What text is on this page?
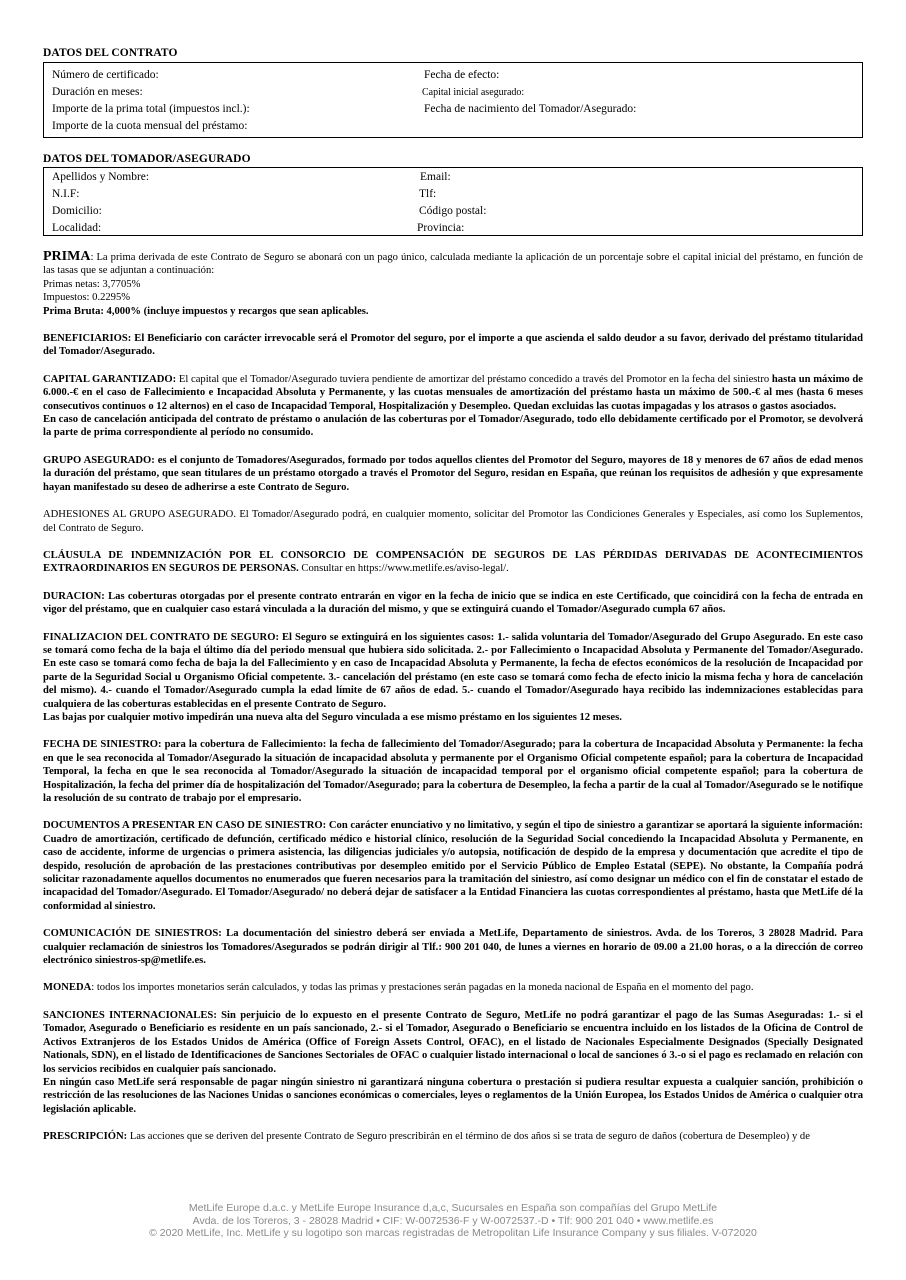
DATOS DEL CONTRATO

Número de certificado:	Fecha de efecto:
Duración en meses:	Capital inicial asegurado:
Importe de la prima total (impuestos incl.):	Fecha de nacimiento del Tomador/Asegurado:
Importe de la cuota mensual del préstamo:

DATOS DEL TOMADOR/ASEGURADO

Apellidos y Nombre:	Email:
N.I.F:	Tlf:
Domicilio:	Código postal:
Localidad:	Provincia:

PRIMA: La prima derivada de este Contrato de Seguro se abonará con un pago único, calculada mediante la aplicación de un porcentaje sobre el capital inicial del préstamo, en función de las tasas que se adjuntan a continuación:

Primas netas: 3,7705%

Impuestos: 0.2295%

Prima Bruta: 4,000% (incluye impuestos y recargos que sean aplicables.

BENEFICIARIOS: El Beneficiario con carácter irrevocable será el Promotor del seguro, por el importe a que ascienda el saldo deudor a su favor, derivado del préstamo titularidad del Tomador/Asegurado.

CAPITAL GARANTIZADO: El capital que el Tomador/Asegurado tuviera pendiente de amortizar del préstamo concedido a través del Promotor en la fecha del siniestro hasta un máximo de 6.000.-€ en el caso de Fallecimiento e Incapacidad Absoluta y Permanente, y las cuotas mensuales de amortización del préstamo hasta un máximo de 500.-€ al mes (hasta 6 meses consecutivos continuos o 12 alternos) en el caso de Incapacidad Temporal, Hospitalización y Desempleo. Quedan excluidas las cuotas impagadas y los atrasos o gastos asociados.

En caso de cancelación anticipada del contrato de préstamo o anulación de las coberturas por el Tomador/Asegurado, todo ello debidamente certificado por el Promotor, se devolverá la parte de prima correspondiente al período no consumido.

GRUPO ASEGURADO: es el conjunto de Tomadores/Asegurados, formado por todos aquellos clientes del Promotor del Seguro, mayores de 18 y menores de 67 años de edad menos la duración del préstamo, que sean titulares de un préstamo otorgado a través el Promotor del Seguro, residan en España, que reúnan los requisitos de adhesión y que expresamente hayan manifestado su deseo de adherirse a este Contrato de Seguro.

ADHESIONES AL GRUPO ASEGURADO. El Tomador/Asegurado podrá, en cualquier momento, solicitar del Promotor las Condiciones Generales y Especiales, así como los Suplementos, del Contrato de Seguro.

CLÁUSULA DE INDEMNIZACIÓN POR EL CONSORCIO DE COMPENSACIÓN DE SEGUROS DE LAS PÉRDIDAS DERIVADAS DE ACONTECIMIENTOS EXTRAORDINARIOS EN SEGUROS DE PERSONAS. Consultar en https://www.metlife.es/aviso-legal/.

DURACION: Las coberturas otorgadas por el presente contrato entrarán en vigor en la fecha de inicio que se indica en este Certificado, que coincidirá con la fecha de entrada en vigor del préstamo, que en cualquier caso estará vinculada a la duración del mismo, y que se extinguirá cuando el Tomador/Asegurado cumpla 67 años.

FINALIZACION DEL CONTRATO DE SEGURO: El Seguro se extinguirá en los siguientes casos: 1.- salida voluntaria del Tomador/Asegurado del Grupo Asegurado. En este caso se tomará como fecha de la baja el último día del periodo mensual que hubiera sido solicitada. 2.- por Fallecimiento o Incapacidad Absoluta y Permanente del Tomador/Asegurado. En este caso se tomará como fecha de baja la del Fallecimiento y en caso de Incapacidad Absoluta y Permanente, la fecha de efectos económicos de la resolución de Incapacidad por parte de la Seguridad Social u Organismo Oficial competente. 3.- cancelación del préstamo (en este caso se tomará como fecha de efecto inicio la misma fecha y hora de cancelación del mismo). 4.- cuando el Tomador/Asegurado cumpla la edad límite de 67 años de edad. 5.- cuando el Tomador/Asegurado haya recibido las indemnizaciones establecidas para cualquiera de las coberturas establecidas en el presente Contrato de Seguro.

Las bajas por cualquier motivo impedirán una nueva alta del Seguro vinculada a ese mismo préstamo en los siguientes 12 meses.

FECHA DE SINIESTRO: para la cobertura de Fallecimiento: la fecha de fallecimiento del Tomador/Asegurado; para la cobertura de Incapacidad Absoluta y Permanente: la fecha en que le sea reconocida al Tomador/Asegurado la situación de incapacidad absoluta y permanente por el Organismo Oficial competente español; para la cobertura de Incapacidad Temporal, la fecha en que le sea reconocida al Tomador/Asegurado la situación de incapacidad temporal por el organismo oficial competente español; para la cobertura de Hospitalización, la fecha del primer día de hospitalización del Tomador/Asegurado; para la cobertura de Desempleo, la fecha a partir de la cual al Tomador/Asegurado se le notifique la resolución de su contrato de trabajo por el empresario.

DOCUMENTOS A PRESENTAR EN CASO DE SINIESTRO: Con carácter enunciativo y no limitativo, y según el tipo de siniestro a garantizar se aportará la siguiente información: Cuadro de amortización, certificado de defunción, certificado médico e historial clínico, resolución de la Seguridad Social concediendo la Incapacidad Absoluta y Permanente, en caso de accidente, informe de urgencias o primera asistencia, las diligencias judiciales y/o autopsia, notificación de despido de la empresa y documentación que acredite el tipo de despido, resolución de aprobación de las prestaciones contributivas por desempleo emitido por el Servicio Público de Empleo Estatal (SEPE). No obstante, la Compañía podrá solicitar razonadamente aquellos documentos no enumerados que fueren necesarios para la tramitación del siniestro, así como designar un médico con el fin de constatar el estado de incapacidad del Tomador/Asegurado. El Tomador/Asegurado/ no deberá dejar de satisfacer a la Entidad Financiera las cuotas correspondientes al préstamo, hasta que MetLife dé la conformidad al siniestro.

COMUNICACIÓN DE SINIESTROS: La documentación del siniestro deberá ser enviada a MetLife, Departamento de siniestros. Avda. de los Toreros, 3 28028 Madrid. Para cualquier reclamación de siniestros los Tomadores/Asegurados se podrán dirigir al Tlf.: 900 201 040, de lunes a viernes en horario de 09.00 a 21.00 horas, o a la dirección de correo electrónico siniestros-sp@metlife.es.

MONEDA: todos los importes monetarios serán calculados, y todas las primas y prestaciones serán pagadas en la moneda nacional de España en el momento del pago.

SANCIONES INTERNACIONALES: Sin perjuicio de lo expuesto en el presente Contrato de Seguro, MetLife no podrá garantizar el pago de las Sumas Aseguradas: 1.- si el Tomador, Asegurado o Beneficiario es residente en un país sancionado, 2.- si el Tomador, Asegurado o Beneficiario se encuentra incluido en los listados de la Oficina de Control de Activos Extranjeros de los Estados Unidos de América (Office of Foreign Assets Control, OFAC), en el listado de Nacionales Especialmente Designados (Specially Designated Nationals, SDN), en el listado de Identificaciones de Sanciones Sectoriales de OFAC o cualquier listado internacional o local de sanciones ó 3.-o si el pago es reclamado en relación con los servicios recibidos en cualquier país sancionado.

En ningún caso MetLife será responsable de pagar ningún siniestro ni garantizará ninguna cobertura o prestación si pudiera resultar expuesta a cualquier sanción, prohibición o restricción de las resoluciones de las Naciones Unidas o sanciones económicas o comerciales, leyes o reglamentos de la Unión Europea, los Estados Unidos de América o cualquier otra legislación aplicable.

PRESCRIPCIÓN: Las acciones que se deriven del presente Contrato de Seguro prescribirán en el término de dos años si se trata de seguro de daños (cobertura de Desempleo) y de

MetLife Europe d.a.c. y MetLife Europe Insurance d,a,c, Sucursales en España son compañías del Grupo MetLife
Avda. de los Toreros, 3 - 28028 Madrid • CIF: W-0072536-F y W-0072537.-D • Tlf: 900 201 040 • www.metlife.es
© 2020 MetLife, Inc. MetLife y su logotipo son marcas registradas de Metropolitan Life Insurance Company y sus filiales. V-072020
